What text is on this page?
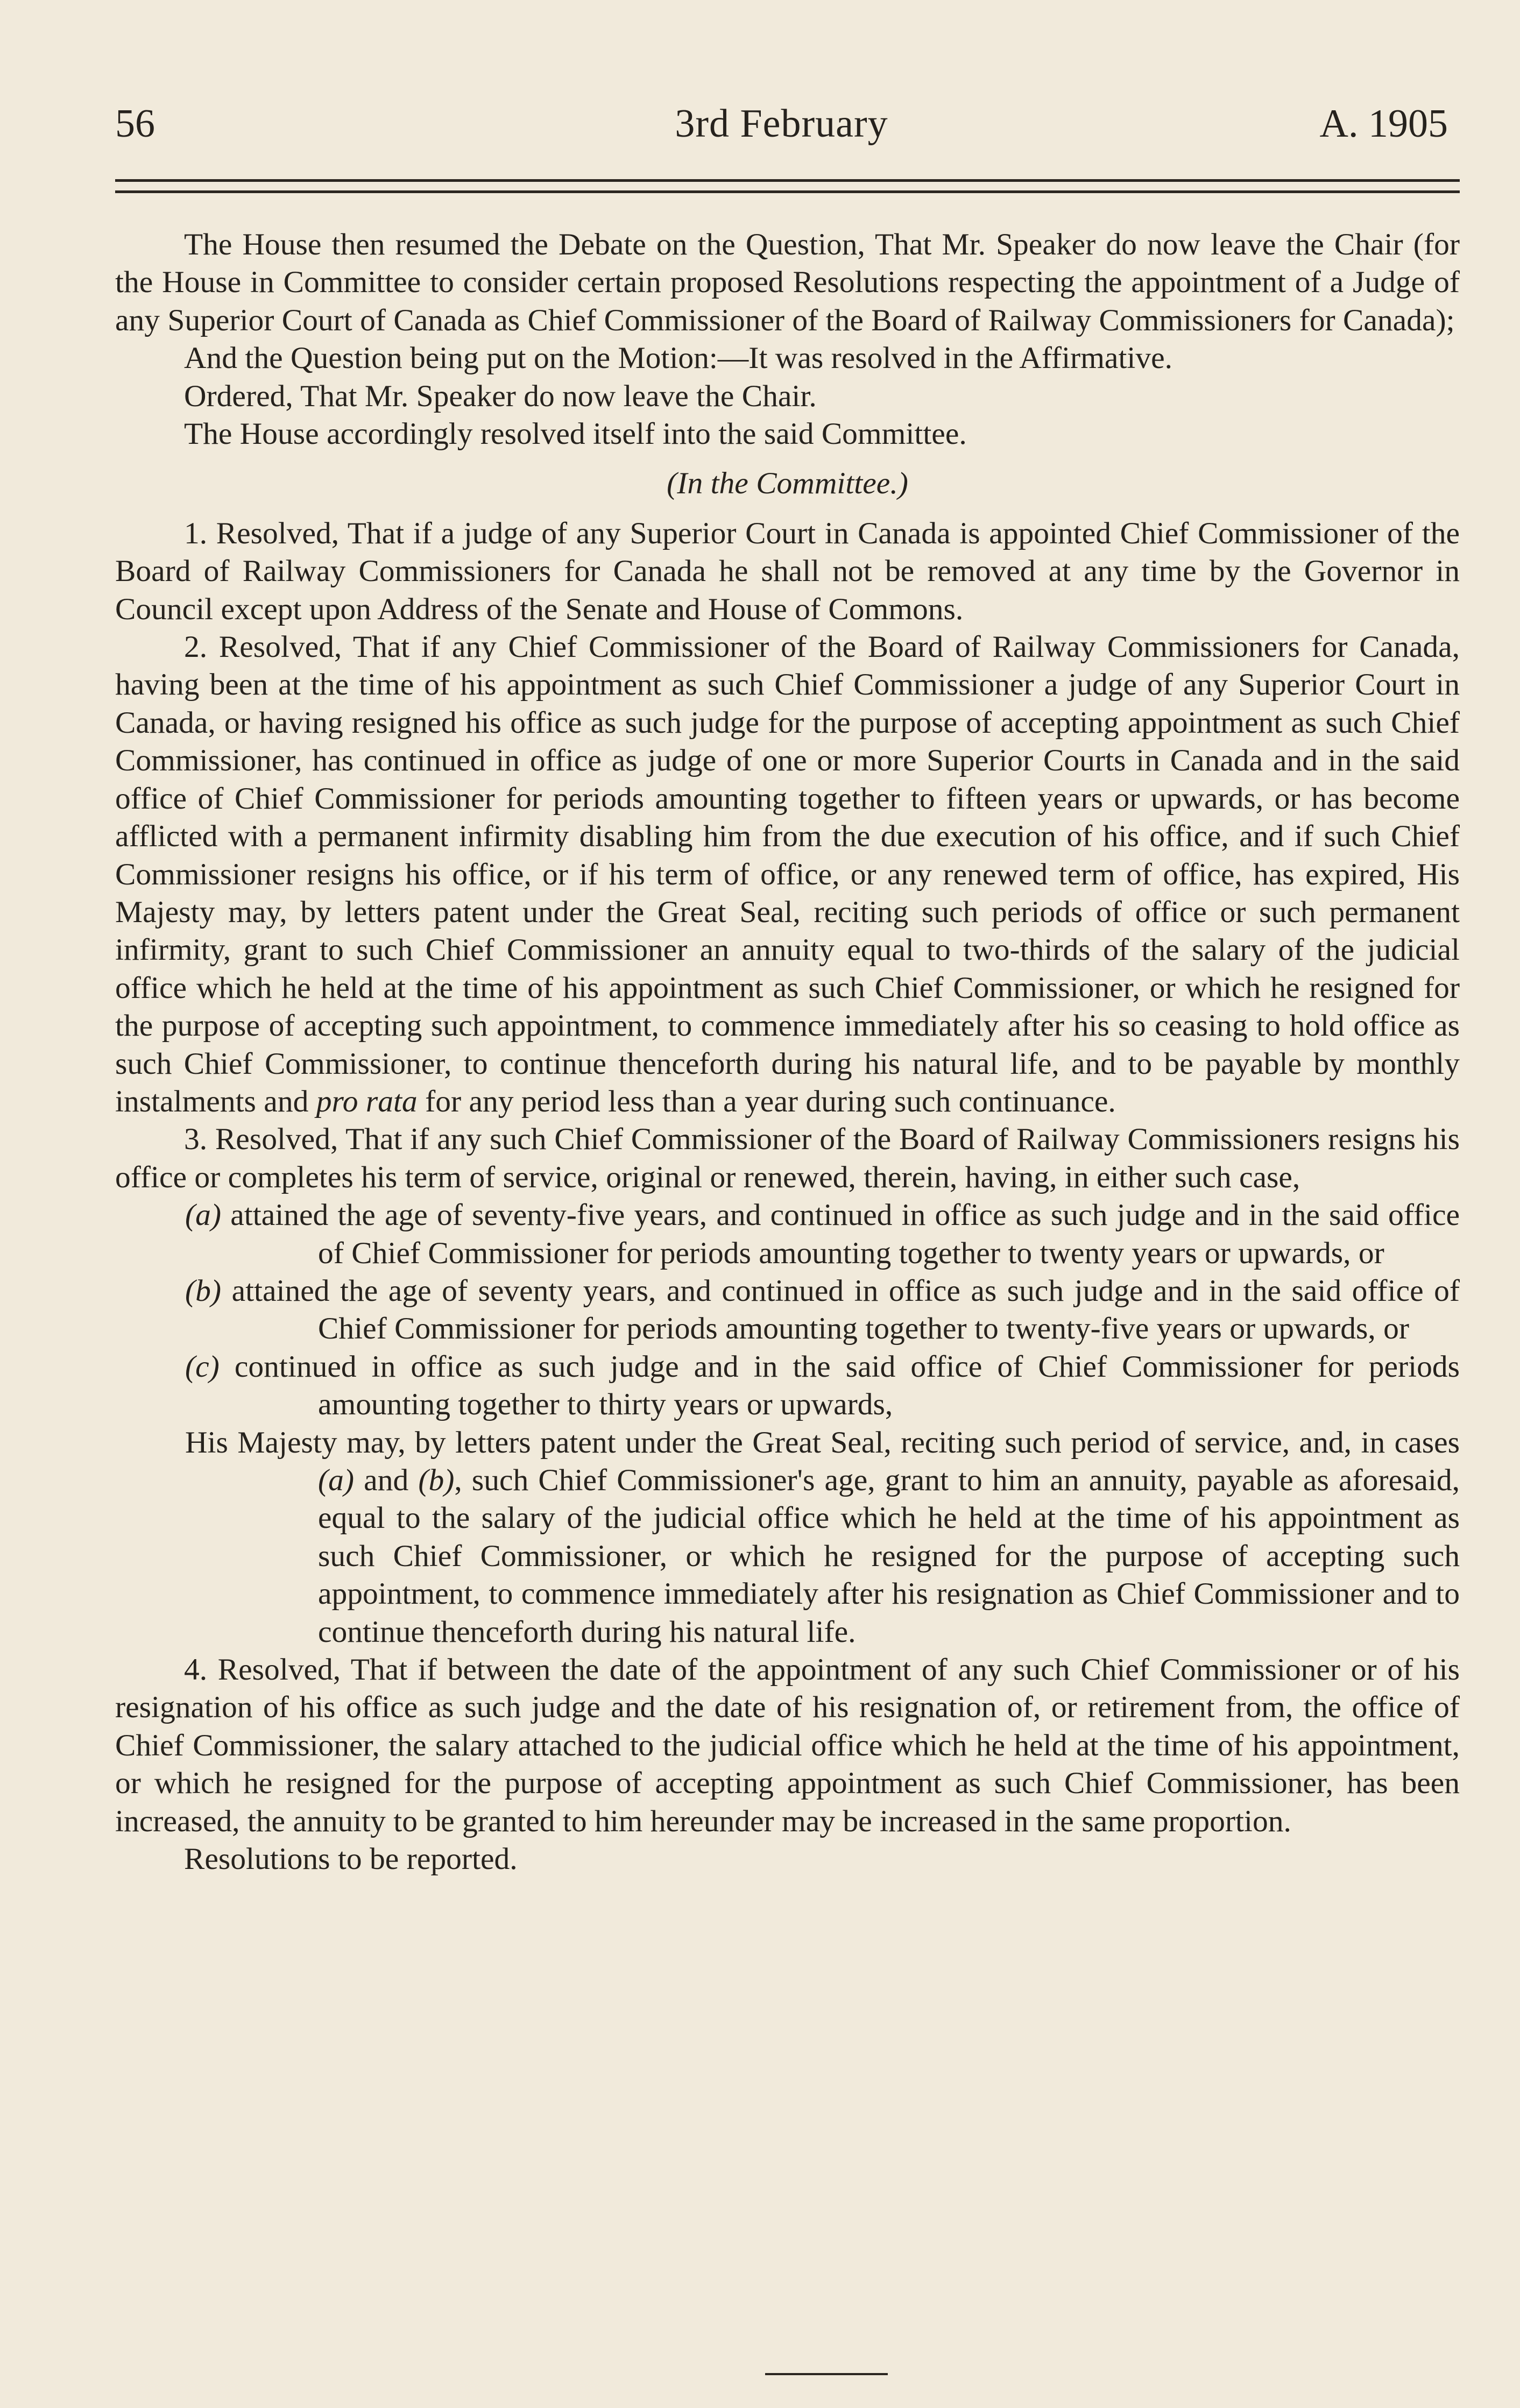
56	3rd February	A. 1905

The House then resumed the Debate on the Question, That Mr. Speaker do now leave the Chair (for the House in Committee to consider certain proposed Resolutions respecting the appointment of a Judge of any Superior Court of Canada as Chief Commissioner of the Board of Railway Commissioners for Canada);

And the Question being put on the Motion:—It was resolved in the Affirmative.

Ordered, That Mr. Speaker do now leave the Chair.

The House accordingly resolved itself into the said Committee.

(In the Committee.)

1. Resolved, That if a judge of any Superior Court in Canada is appointed Chief Commissioner of the Board of Railway Commissioners for Canada he shall not be removed at any time by the Governor in Council except upon Address of the Senate and House of Commons.

2. Resolved, That if any Chief Commissioner of the Board of Railway Commissioners for Canada, having been at the time of his appointment as such Chief Commissioner a judge of any Superior Court in Canada, or having resigned his office as such judge for the purpose of accepting appointment as such Chief Commissioner, has continued in office as judge of one or more Superior Courts in Canada and in the said office of Chief Commissioner for periods amounting together to fifteen years or upwards, or has become afflicted with a permanent infirmity disabling him from the due execution of his office, and if such Chief Commissioner resigns his office, or if his term of office, or any renewed term of office, has expired, His Majesty may, by letters patent under the Great Seal, reciting such periods of office or such permanent infirmity, grant to such Chief Commissioner an annuity equal to two-thirds of the salary of the judicial office which he held at the time of his appointment as such Chief Commissioner, or which he resigned for the purpose of accepting such appointment, to commence immediately after his so ceasing to hold office as such Chief Commissioner, to continue thenceforth during his natural life, and to be payable by monthly instalments and pro rata for any period less than a year during such continuance.

3. Resolved, That if any such Chief Commissioner of the Board of Railway Commissioners resigns his office or completes his term of service, original or renewed, therein, having, in either such case,

(a) attained the age of seventy-five years, and continued in office as such judge and in the said office of Chief Commissioner for periods amounting together to twenty years or upwards, or

(b) attained the age of seventy years, and continued in office as such judge and in the said office of Chief Commissioner for periods amounting together to twenty-five years or upwards, or

(c) continued in office as such judge and in the said office of Chief Commissioner for periods amounting together to thirty years or upwards,

His Majesty may, by letters patent under the Great Seal, reciting such period of service, and, in cases (a) and (b), such Chief Commissioner's age, grant to him an annuity, payable as aforesaid, equal to the salary of the judicial office which he held at the time of his appointment as such Chief Commissioner, or which he resigned for the purpose of accepting such appointment, to commence immediately after his resignation as Chief Commissioner and to continue thenceforth during his natural life.

4. Resolved, That if between the date of the appointment of any such Chief Commissioner or of his resignation of his office as such judge and the date of his resignation of, or retirement from, the office of Chief Commissioner, the salary attached to the judicial office which he held at the time of his appointment, or which he resigned for the purpose of accepting appointment as such Chief Commissioner, has been increased, the annuity to be granted to him hereunder may be increased in the same proportion.

Resolutions to be reported.
